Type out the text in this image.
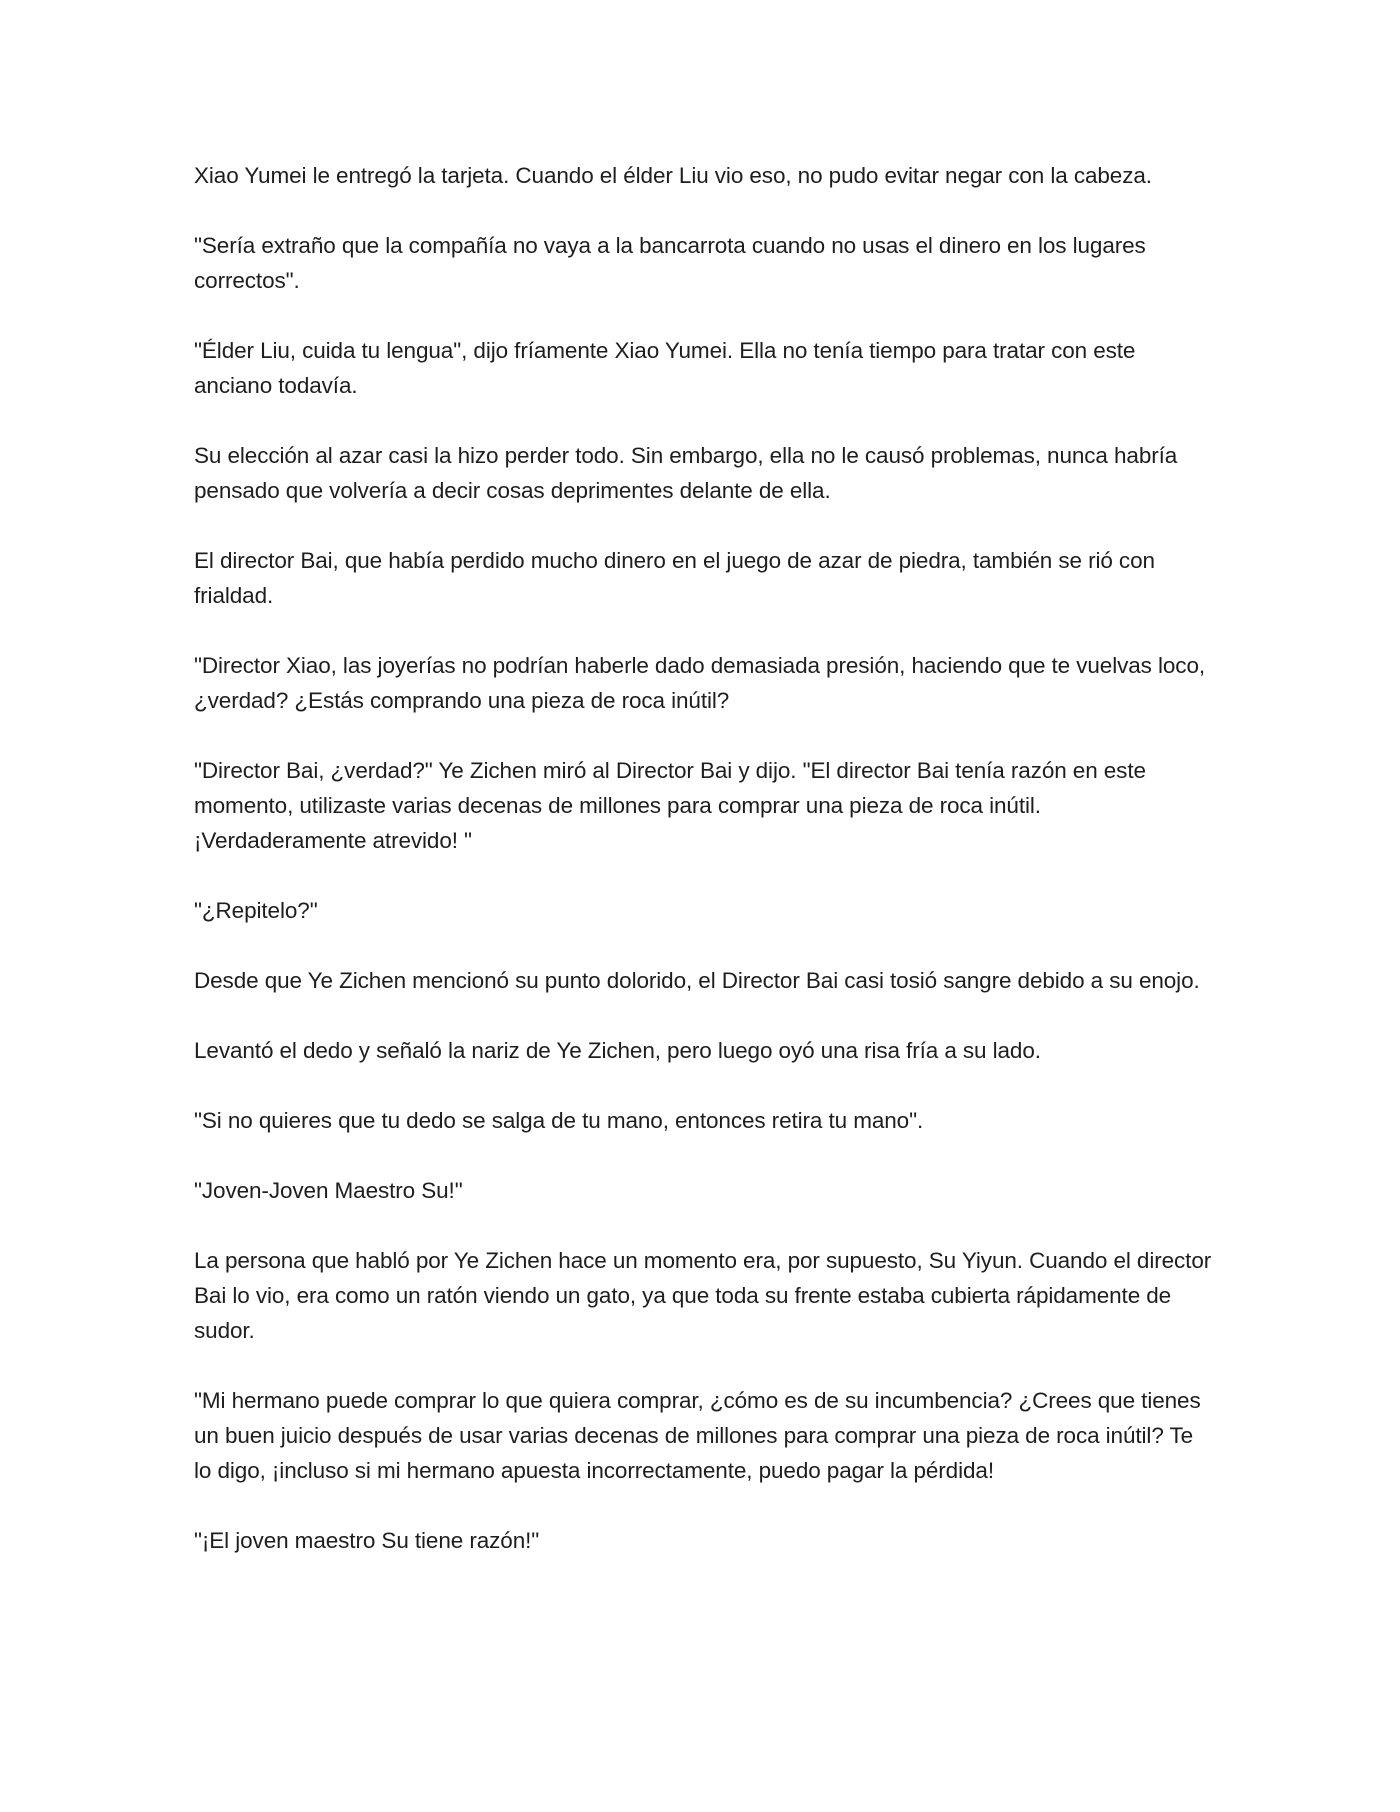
Xiao Yumei le entregó la tarjeta. Cuando el élder Liu vio eso, no pudo evitar negar con la cabeza.

"Sería extraño que la compañía no vaya a la bancarrota cuando no usas el dinero en los lugares correctos".

"Élder Liu, cuida tu lengua", dijo fríamente Xiao Yumei. Ella no tenía tiempo para tratar con este anciano todavía.

Su elección al azar casi la hizo perder todo. Sin embargo, ella no le causó problemas, nunca habría pensado que volvería a decir cosas deprimentes delante de ella.

El director Bai, que había perdido mucho dinero en el juego de azar de piedra, también se rió con frialdad.

"Director Xiao, las joyerías no podrían haberle dado demasiada presión, haciendo que te vuelvas loco, ¿verdad? ¿Estás comprando una pieza de roca inútil?

"Director Bai, ¿verdad?" Ye Zichen miró al Director Bai y dijo. "El director Bai tenía razón en este momento, utilizaste varias decenas de millones para comprar una pieza de roca inútil. ¡Verdaderamente atrevido! "

"¿Repitelo?"

Desde que Ye Zichen mencionó su punto dolorido, el Director Bai casi tosió sangre debido a su enojo.

Levantó el dedo y señaló la nariz de Ye Zichen, pero luego oyó una risa fría a su lado.

"Si no quieres que tu dedo se salga de tu mano, entonces retira tu mano".

"Joven-Joven Maestro Su!"

La persona que habló por Ye Zichen hace un momento era, por supuesto, Su Yiyun. Cuando el director Bai lo vio, era como un ratón viendo un gato, ya que toda su frente estaba cubierta rápidamente de sudor.

"Mi hermano puede comprar lo que quiera comprar, ¿cómo es de su incumbencia? ¿Crees que tienes un buen juicio después de usar varias decenas de millones para comprar una pieza de roca inútil? Te lo digo, ¡incluso si mi hermano apuesta incorrectamente, puedo pagar la pérdida!

"¡El joven maestro Su tiene razón!"
